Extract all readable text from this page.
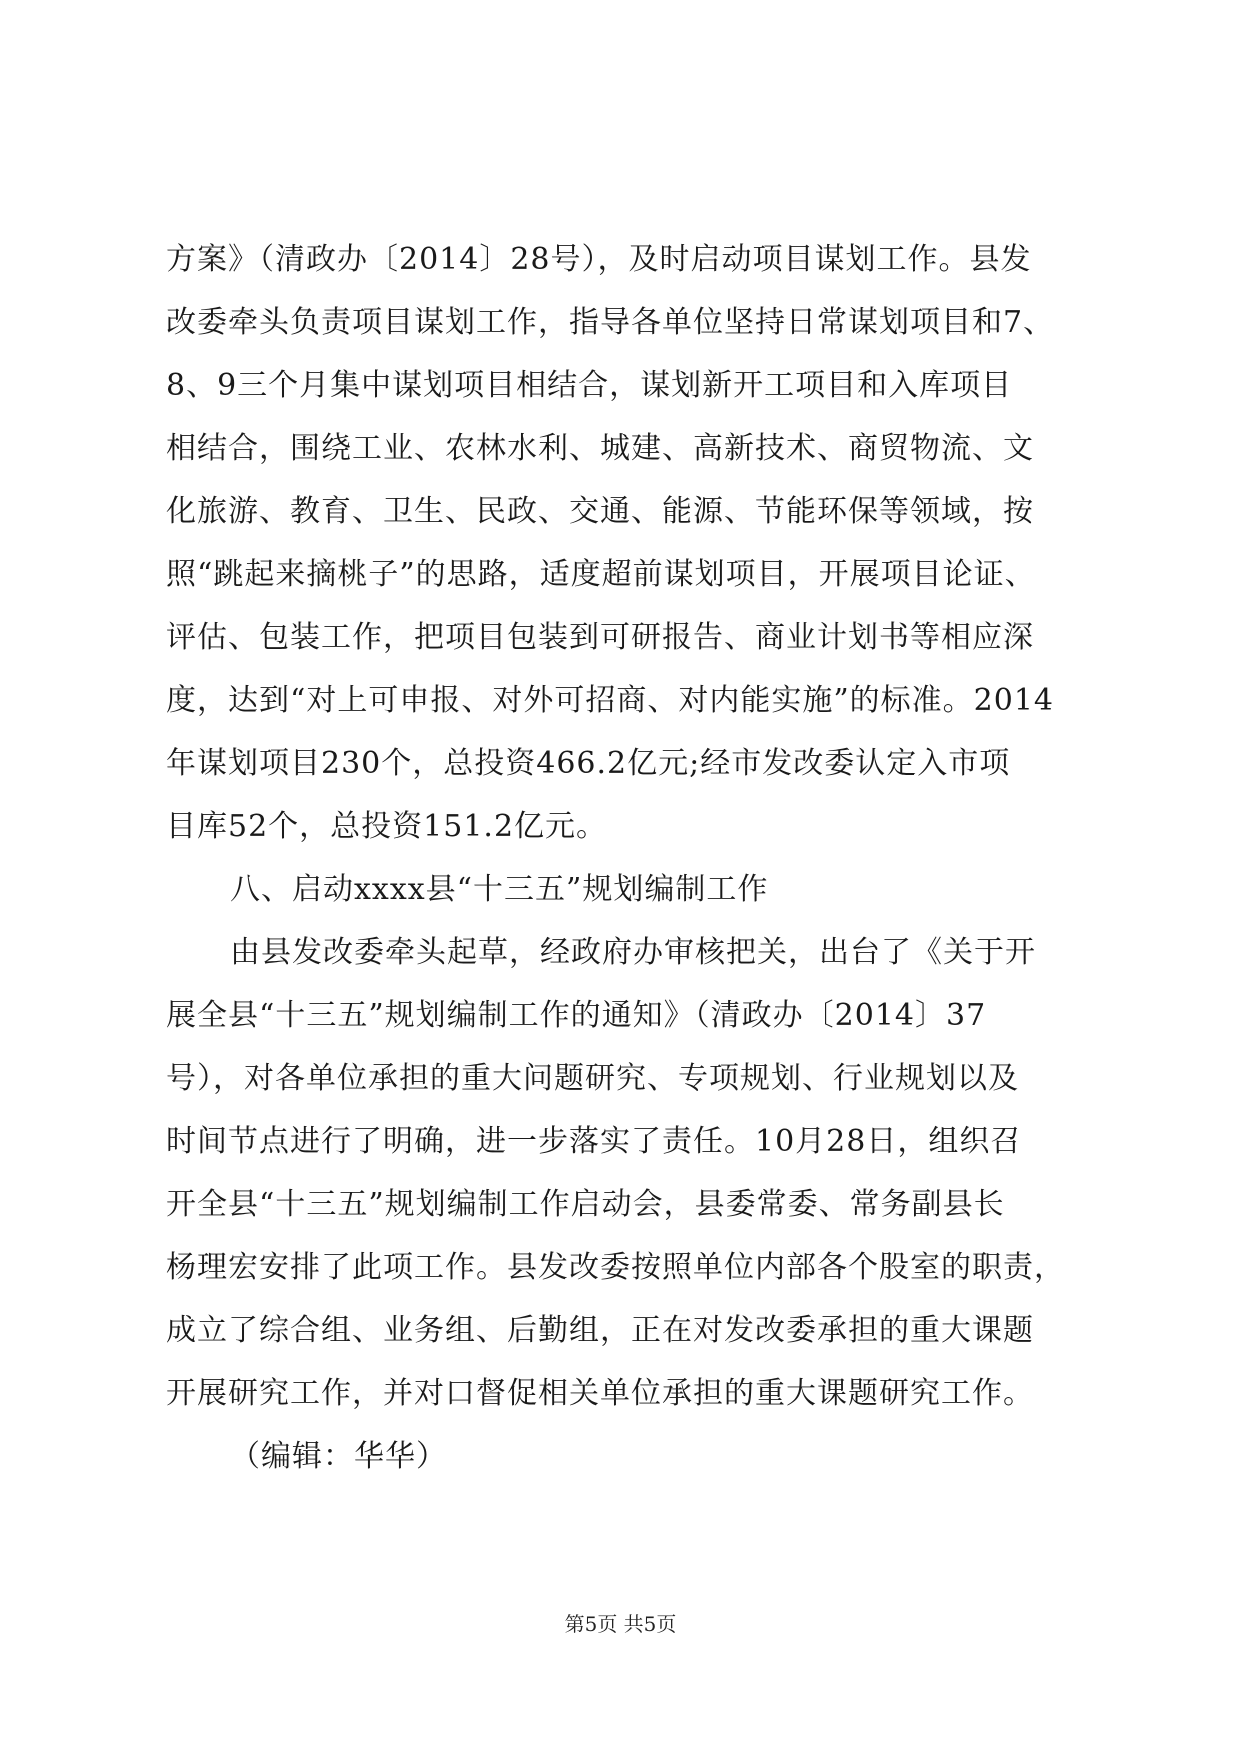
方案》（清政办〔2014〕28号），及时启动项目谋划工作。县发
改委牵头负责项目谋划工作，指导各单位坚持日常谋划项目和7、
8、9三个月集中谋划项目相结合，谋划新开工项目和入库项目
相结合，围绕工业、农林水利、城建、高新技术、商贸物流、文
化旅游、教育、卫生、民政、交通、能源、节能环保等领域，按
照“跳起来摘桃子”的思路，适度超前谋划项目，开展项目论证、
评估、包装工作，把项目包装到可研报告、商业计划书等相应深
度，达到“对上可申报、对外可招商、对内能实施”的标准。2014
年谋划项目230个，总投资466.2亿元;经市发改委认定入市项
目库52个，总投资151.2亿元。
八、启动xxxx县“十三五”规划编制工作
由县发改委牵头起草，经政府办审核把关，出台了《关于开
展全县“十三五”规划编制工作的通知》（清政办〔2014〕37
号），对各单位承担的重大问题研究、专项规划、行业规划以及
时间节点进行了明确，进一步落实了责任。10月28日，组织召
开全县“十三五”规划编制工作启动会，县委常委、常务副县长
杨理宏安排了此项工作。县发改委按照单位内部各个股室的职责，
成立了综合组、业务组、后勤组，正在对发改委承担的重大课题
开展研究工作，并对口督促相关单位承担的重大课题研究工作。
（编辑：华华）
第5页 共5页
